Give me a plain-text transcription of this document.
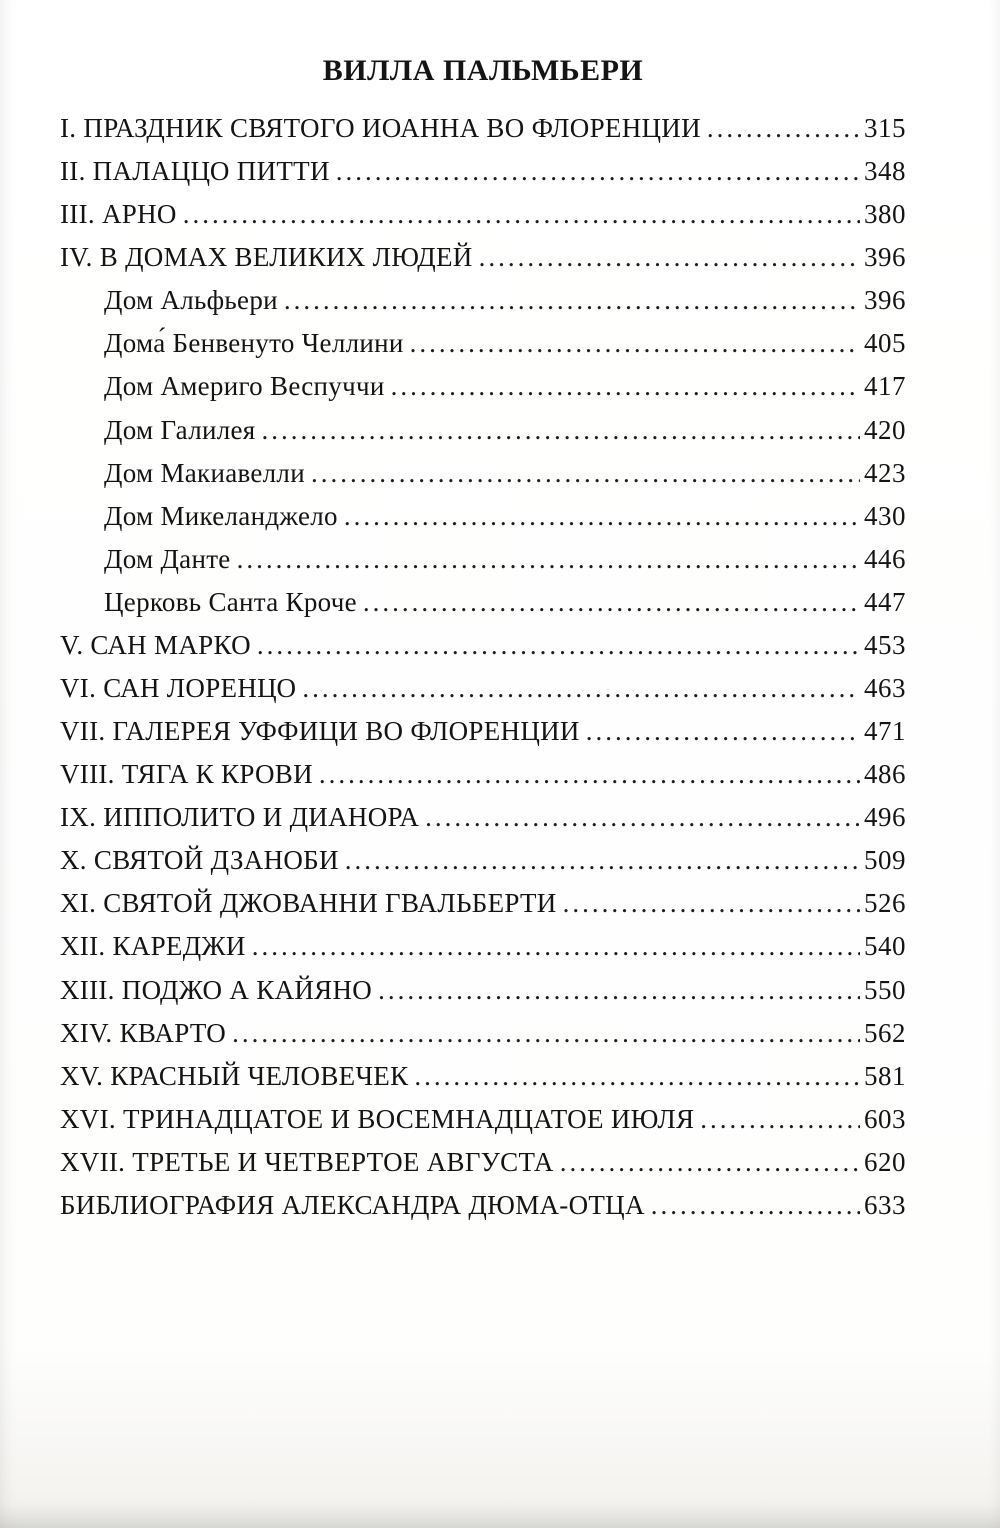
ВИЛЛА ПАЛЬМЬЕРИ
I. ПРАЗДНИК СВЯТОГО ИОАННА ВО ФЛОРЕНЦИИ .....	315
II. ПАЛАЦЦО ПИТТИ .....	348
III. АРНО .....	380
IV. В ДОМАХ ВЕЛИКИХ ЛЮДЕЙ .....	396
Дом Альфьери .....	396
Дома́ Бенвенуто Челлини .....	405
Дом Америго Веспуччи .....	417
Дом Галилея .....	420
Дом Макиавелли .....	423
Дом Микеланджело .....	430
Дом Данте .....	446
Церковь Санта Кроче .....	447
V. САН МАРКО .....	453
VI. САН ЛОРЕНЦО .....	463
VII. ГАЛЕРЕЯ УФФИЦИ ВО ФЛОРЕНЦИИ .....	471
VIII. ТЯГА К КРОВИ .....	486
IX. ИППОЛИТО И ДИАНОРА .....	496
X. СВЯТОЙ ДЗАНОБИ .....	509
XI. СВЯТОЙ ДЖОВАННИ ГВАЛЬБЕРТИ .....	526
XII. КАРЕДЖИ .....	540
XIII. ПОДЖО А КАЙЯНО .....	550
XIV. КВАРТО .....	562
XV. КРАСНЫЙ ЧЕЛОВЕЧЕК .....	581
XVI. ТРИНАДЦАТОЕ И ВОСЕМНАДЦАТОЕ ИЮЛЯ .....	603
XVII. ТРЕТЬЕ И ЧЕТВЕРТОЕ АВГУСТА .....	620
БИБЛИОГРАФИЯ АЛЕКСАНДРА ДЮМА-ОТЦА .....	633
